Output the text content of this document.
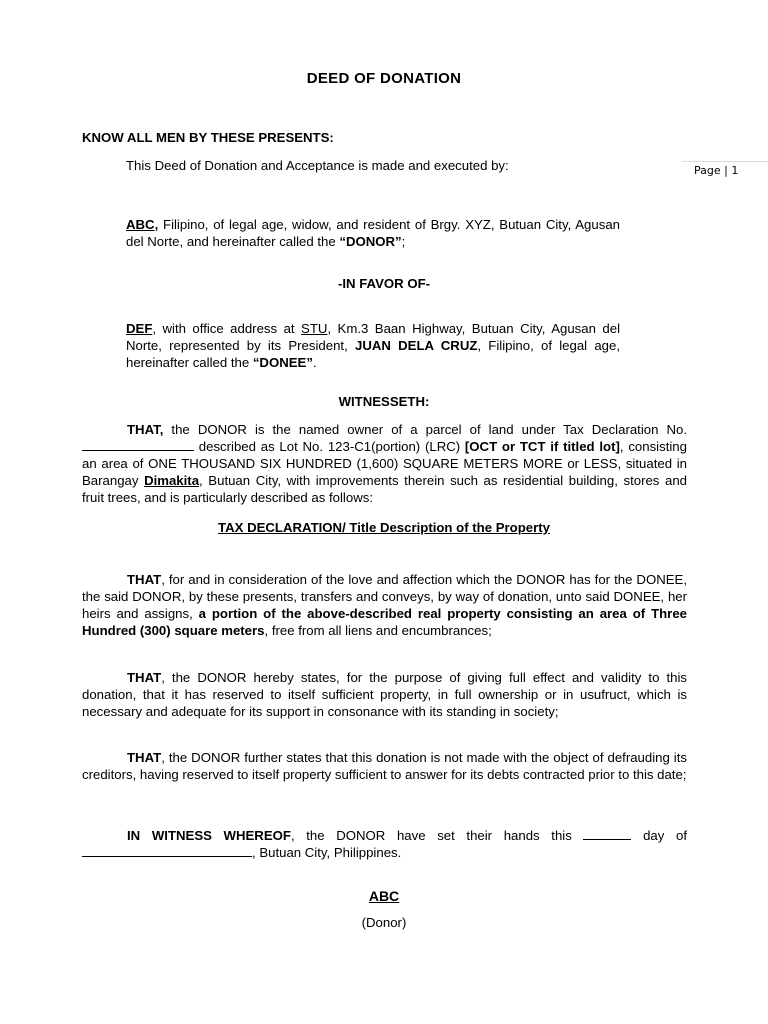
DEED OF DONATION
KNOW ALL MEN BY THESE PRESENTS:
This Deed of Donation and Acceptance is made and executed by:	Page | 1
ABC, Filipino, of legal age, widow, and resident of Brgy. XYZ, Butuan City, Agusan del Norte, and hereinafter called the “DONOR”;
-IN FAVOR OF-
DEF, with office address at STU, Km.3 Baan Highway, Butuan City, Agusan del Norte, represented by its President, JUAN DELA CRUZ, Filipino, of legal age, hereinafter called the “DONEE”.
WITNESSETH:
THAT, the DONOR is the named owner of a parcel of land under Tax Declaration No.  described as Lot No. 123-C1(portion) (LRC) [OCT or TCT if titled lot], consisting an area of ONE THOUSAND SIX HUNDRED (1,600) SQUARE METERS MORE or LESS, situated in Barangay Dimakita, Butuan City, with improvements therein such as residential building, stores and fruit trees, and is particularly described as follows:
TAX DECLARATION/ Title Description of the Property
THAT, for and in consideration of the love and affection which the DONOR has for the DONEE, the said DONOR, by these presents, transfers and conveys, by way of donation, unto said DONEE, her heirs and assigns, a portion of the above-described real property consisting an area of Three Hundred (300) square meters, free from all liens and encumbrances;
THAT, the DONOR hereby states, for the purpose of giving full effect and validity to this donation, that it has reserved to itself sufficient property, in full ownership or in usufruct, which is necessary and adequate for its support in consonance with its standing in society;
THAT, the DONOR further states that this donation is not made with the object of defrauding its creditors, having reserved to itself property sufficient to answer for its debts contracted prior to this date;
IN WITNESS WHEREOF, the DONOR have set their hands this	day of , Butuan City, Philippines.
ABC
(Donor)
